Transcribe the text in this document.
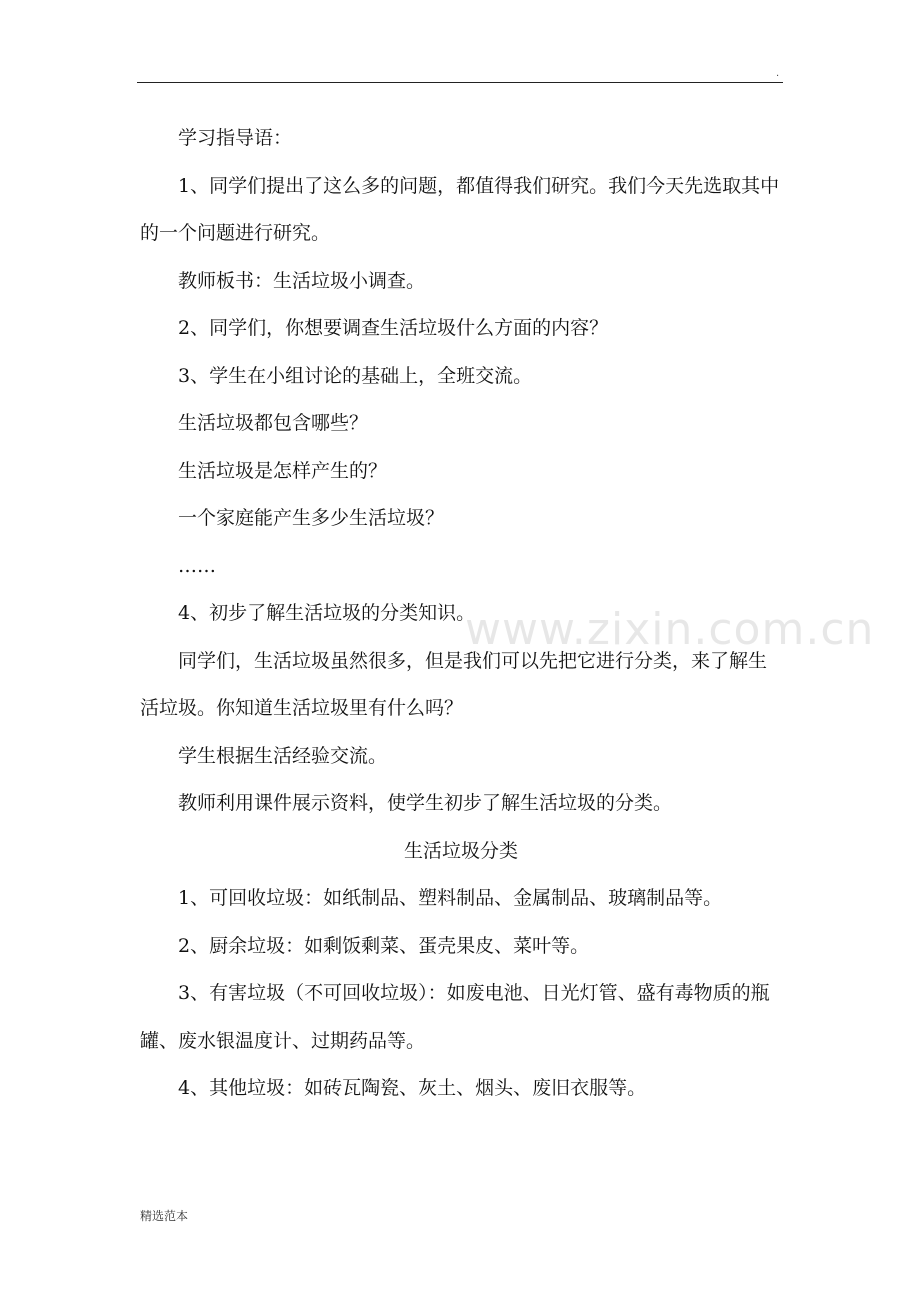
.

学习指导语：

1、同学们提出了这么多的问题，都值得我们研究。我们今天先选取其中的一个问题进行研究。

教师板书：生活垃圾小调查。

2、同学们，你想要调查生活垃圾什么方面的内容？

3、学生在小组讨论的基础上，全班交流。

生活垃圾都包含哪些？

生活垃圾是怎样产生的？

一个家庭能产生多少生活垃圾？

……

4、初步了解生活垃圾的分类知识。

同学们，生活垃圾虽然很多，但是我们可以先把它进行分类，来了解生活垃圾。你知道生活垃圾里有什么吗？

学生根据生活经验交流。

教师利用课件展示资料，使学生初步了解生活垃圾的分类。

生活垃圾分类

1、可回收垃圾：如纸制品、塑料制品、金属制品、玻璃制品等。

2、厨余垃圾：如剩饭剩菜、蛋壳果皮、菜叶等。

3、有害垃圾（不可回收垃圾）：如废电池、日光灯管、盛有毒物质的瓶罐、废水银温度计、过期药品等。

4、其他垃圾：如砖瓦陶瓷、灰土、烟头、废旧衣服等。

www.zixin.com.cn
精选范本
